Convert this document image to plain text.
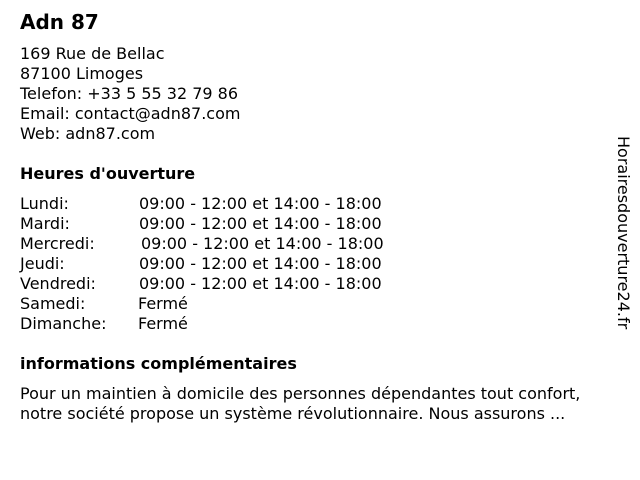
Adn 87
169 Rue de Bellac
87100 Limoges
Telefon: +33 5 55 32 79 86
Email: contact@adn87.com
Web: adn87.com
Heures d'ouverture
Lundi:	09:00 - 12:00 et 14:00 - 18:00
Mardi:	09:00 - 12:00 et 14:00 - 18:00
Mercredi:	09:00 - 12:00 et 14:00 - 18:00
Jeudi:	09:00 - 12:00 et 14:00 - 18:00
Vendredi:	09:00 - 12:00 et 14:00 - 18:00
Samedi:	Fermé
Dimanche: Fermé
informations complémentaires
Pour un maintien à domicile des personnes dépendantes tout confort,
notre société propose un système révolutionnaire. Nous assurons ...
Horairesdouverture24.fr
